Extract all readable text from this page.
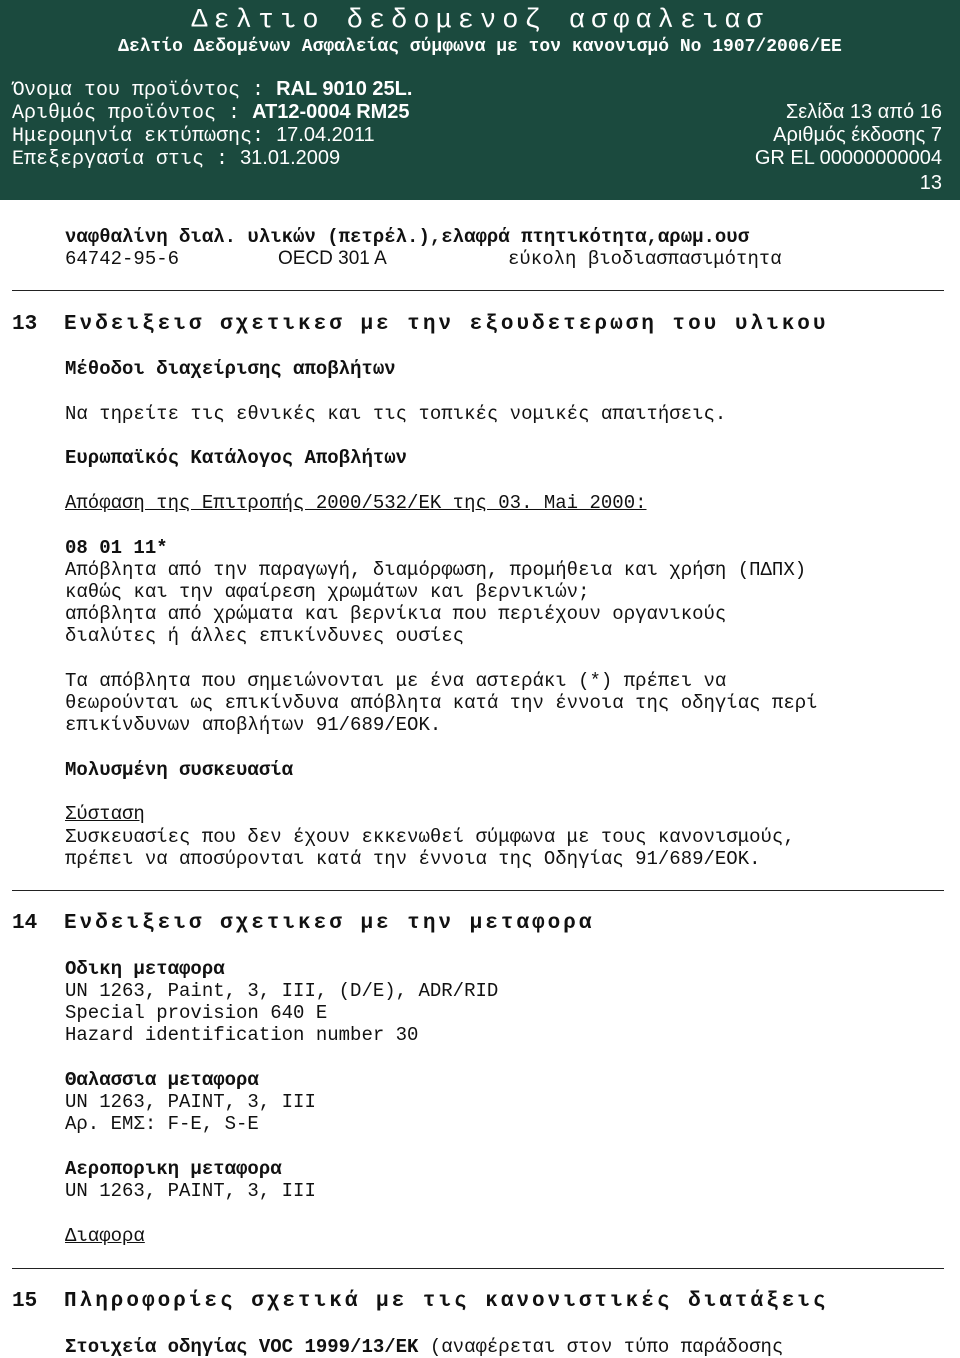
Δελτιο δεδομενοζ ασφαλειασ
Δελτίο Δεδομένων Ασφαλείας σύμφωνα με τον κανονισμό Νο 1907/2006/ΕΕ
Όνομα του προϊόντος : RAL 9010 25L.
Αριθμός προϊόντος : AT12-0004 RM25
Ημερομηνία εκτύπωσης: 17.04.2011
Επεξεργασία στις : 31.01.2009
Σελίδα 13 από 16
Αριθμός έκδοσης 7
GR EL 00000000004
13
ναφθαλίνη διαλ. υλικών (πετρέλ.),ελαφρά πτητικότητα,αρωμ.ουσ
64742-95-6	OECD 301 A	εύκολη βιοδιασπασιμότητα
13 Ενδειξεισ σχετικεσ με την εξουδετερωση του υλικου
Μέθοδοι διαχείρισης αποβλήτων
Να τηρείτε τις εθνικές και τις τοπικές νομικές απαιτήσεις.
Ευρωπαϊκός Κατάλογος Αποβλήτων
Απόφαση της Επιτροπής 2000/532/ΕΚ της 03. Mai 2000:
08 01 11*
Απόβλητα από την παραγωγή, διαμόρφωση, προμήθεια και χρήση (ΠΔΠΧ)
καθώς και την αφαίρεση χρωμάτων και βερνικιών;
απόβλητα από χρώματα και βερνίκια που περιέχουν οργανικούς
διαλύτες ή άλλες επικίνδυνες ουσίες
Τα απόβλητα που σημειώνονται με ένα αστεράκι (*) πρέπει να
θεωρούνται ως επικίνδυνα απόβλητα κατά την έννοια της οδηγίας περί
επικίνδυνων αποβλήτων 91/689/ΕΟΚ.
Μολυσμένη συσκευασία
Σύσταση
Συσκευασίες που δεν έχουν εκκενωθεί σύμφωνα με τους κανονισμούς,
πρέπει να αποσύρονται κατά την έννοια της Οδηγίας 91/689/ΕΟΚ.
14 Ενδειξεισ σχετικεσ με την μεταφορα
Οδικη μεταφορα
UN 1263, Paint, 3, III, (D/E), ADR/RID
Special provision 640 E
Hazard identification number 30
Θαλασσια μεταφορα
UN 1263, PAINT, 3, III
Αρ. ΕΜΣ: F-E, S-E
Αεροπορικη μεταφορα
UN 1263, PAINT, 3, III
Διαφορα
15 Πληροφορίες σχετικά με τις κανονιστικές διατάξεις
Στοιχεία οδηγίας VOC 1999/13/ΕΚ (αναφέρεται στον τύπο παράδοσης
